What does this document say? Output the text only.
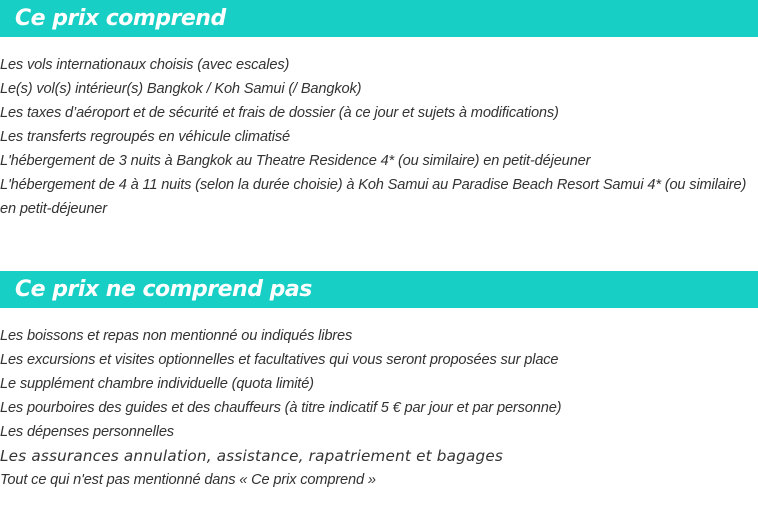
Ce prix comprend
Les vols internationaux choisis (avec escales)
Le(s) vol(s) intérieur(s) Bangkok / Koh Samui (/ Bangkok)
Les taxes d’aéroport et de sécurité et frais de dossier (à ce jour et sujets à modifications)
Les transferts regroupés en véhicule climatisé
L'hébergement de 3 nuits à Bangkok au Theatre Residence 4* (ou similaire) en petit-déjeuner
L'hébergement de 4 à 11 nuits (selon la durée choisie) à Koh Samui au Paradise Beach Resort Samui 4* (ou similaire) en petit-déjeuner
Ce prix ne comprend pas
Les boissons et repas non mentionné ou indiqués libres
Les excursions et visites optionnelles et facultatives qui vous seront proposées sur place
Le supplément chambre individuelle (quota limité)
Les pourboires des guides et des chauffeurs (à titre indicatif 5 € par jour et par personne)
Les dépenses personnelles
Les assurances annulation, assistance, rapatriement et bagages
Tout ce qui n'est pas mentionné dans « Ce prix comprend »
